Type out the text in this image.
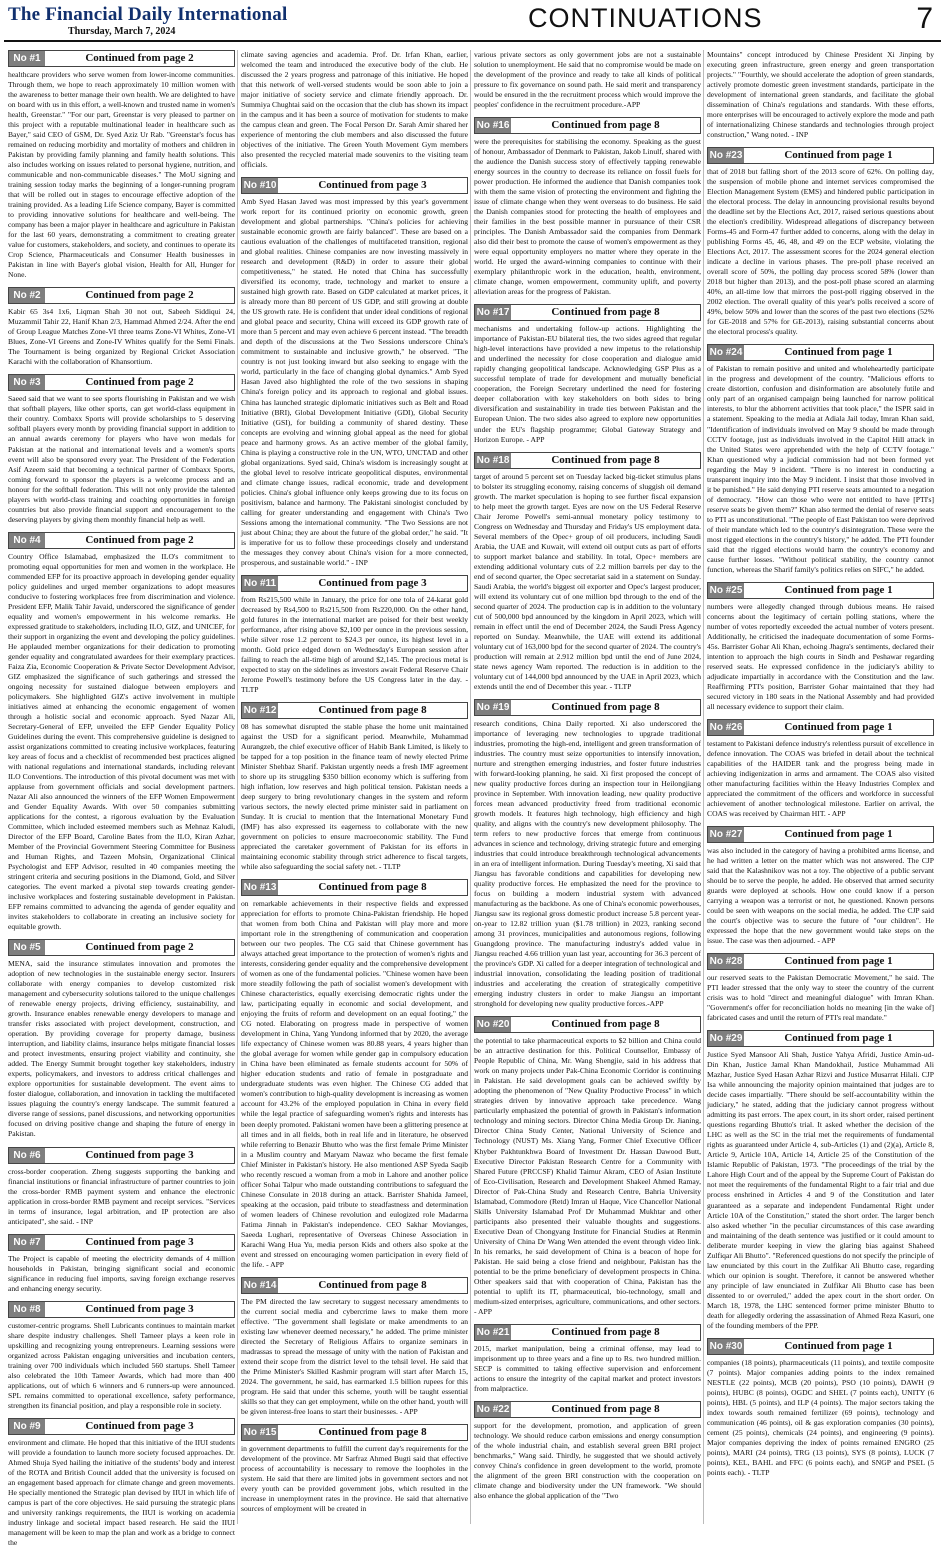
The Financial Daily International
Thursday, March 7, 2024	CONTINUATIONS	7
No #1	Continued from page 2

healthcare providers who serve women from lower-income communities. Through them, we hope to reach approximately 10 million women with the awareness to better manage their own health. We are delighted to have on board with us in this effort, a well-known and trusted name in women's health, Greenstar." "For our part, Greenstar is very pleased to partner on this project with a reputable multinational leader in healthcare such as Bayer," said CEO of GSM, Dr. Syed Aziz Ur Rab. "Greenstar's focus has remained on reducing morbidity and mortality of mothers and children in Pakistan by providing family planning and family health solutions. This also includes working on issues related to personal hygiene, nutrition, and communicable and non-communicable diseases." The MoU signing and training session today marks the beginning of a longer-running program that will be rolled out in stages to encourage effective adoption of the training provided. As a leading Life Science company, Bayer is committed to providing innovative solutions for healthcare and well-being. The company has been a major player in healthcare and agriculture in Pakistan for the last 60 years, demonstrating a commitment to creating greater value for customers, stakeholders, and society, and continues to operate its Crop Science, Pharmaceuticals and Consumer Health businesses in Pakistan in line with Bayer's global vision, Health for All, Hunger for None.

No #2	Continued from page 2

Kabir 65 3s4 1x6, Liqman Shah 30 not out, Sabeeh Siddiqui 24, Muzammil Tahir 22, Hanif Khan 2/3, Hammad Ahmed 2/24. After the end of Group League Matches Zone-VI three teams Zone-VI Whites, Zone-VI Blues, Zone-VI Greens and Zone-IV Whites qualify for the Semi Finals. The Tournament is being organized by Regional Cricket Association Karachi with the collaboration of Khansortium.

No #3	Continued from page 2

Saeed said that we want to see sports flourishing in Pakistan and we wish that softball players, like other sports, can get world-class equipment in their country. Combaxx Sports will provide scholarships to 5 deserving softball players every month by providing financial support in addition to an annual awards ceremony for players who have won medals for Pakistan at the national and international levels and a women's sports event will also be sponsored every year. The President of the Federation Asif Azeem said that becoming a technical partner of Combaxx Sports, coming forward to sponsor the players is a welcome process and an honour for the softball federation. This will not only provide the talented players with world-class training and coaching opportunities in foreign countries but also provide financial support and encouragement to the deserving players by giving them monthly financial help as well.

No #4	Continued from page 2

Country Office Islamabad, emphasized the ILO's commitment to promoting equal opportunities for men and women in the workplace. He commended EFP for its proactive approach in developing gender equality policy guidelines and urged member organizations to adopt measures conducive to fostering workplaces free from discrimination and violence. President EFP, Malik Tahir Javaid, underscored the significance of gender equality and women's empowerment in his welcome remarks. He expressed gratitude to stakeholders, including ILO, GIZ, and UNICEF, for their support in organizing the event and developing the policy guidelines. He applauded member organizations for their dedication to promoting gender equality and congratulated awardees for their exemplary practices. Faiza Zia, Economic Cooperation & Private Sector Development Advisor, GIZ emphasized the significance of such gatherings and stressed the ongoing necessity for sustained dialogue between employers and policymakers. She highlighted GIZ's active involvement in multiple initiatives aimed at enhancing the economic engagement of women through a holistic social and economic approach. Syed Nazar Ali, Secretary-General of EFP, unveiled the EFP Gender Equality Policy Guidelines during the event. This comprehensive guideline is designed to assist organizations committed to creating inclusive workplaces, featuring key areas of focus and a checklist of recommended best practices aligned with national regulations and international standards, including relevant ILO Conventions. The introduction of this pivotal document was met with applause from government officials and social development partners. Nazar Ali also announced the winners of the EFP Women Empowerment and Gender Equality Awards. With over 50 companies submitting applications for the contest, a rigorous evaluation by the Evaluation Committee, which included esteemed members such as Mehnaz Kaludi, Director of the EFP Board, Caroline Bates from the ILO, Kiran Azhar, Member of the Provincial Government Steering Committee for Business and Human Rights, and Tazeen Mohsin, Organizational Clinical Psychologist and EFP Advisor, resulted in 40 companies meeting the stringent criteria and securing positions in the Diamond, Gold, and Silver categories. The event marked a pivotal step towards creating gender-inclusive workplaces and fostering sustainable development in Pakistan. EFP remains committed to advancing the agenda of gender equality and invites stakeholders to collaborate in creating an inclusive society for equitable growth.

No #5	Continued from page 2

MENA, said the insurance stimulates innovation and promotes the adoption of new technologies in the sustainable energy sector. Insurers collaborate with energy companies to develop customized risk management and cybersecurity solutions tailored to the unique challenges of renewable energy projects, driving efficiency, sustainability, and growth. Insurance enables renewable energy developers to manage and transfer risks associated with project development, construction, and operation. By providing coverage for property damage, business interruption, and liability claims, insurance helps mitigate financial losses and protect investments, ensuring project viability and continuity, she added. The Energy Summit brought together key stakeholders, industry experts, policymakers, and investors to address critical challenges and explore opportunities for sustainable development. The event aims to foster dialogue, collaboration, and innovation in tackling the multifaceted issues plaguing the country's energy landscape. The summit featured a diverse range of sessions, panel discussions, and networking opportunities focused on driving positive change and shaping the future of energy in Pakistan.

No #6	Continued from page 3

cross-border cooperation. Zheng suggests supporting the banking and financial institutions or financial infrastructure of partner countries to join the cross-border RMB payment system and enhance the electronic application in cross-border RMB payment and receipt services. "Services in terms of insurance, legal arbitration, and IP protection are also anticipated", she said. - INP

No #7	Continued from page 3

The Project is capable of meeting the electricity demands of 4 million households in Pakistan, bringing significant social and economic significance in reducing fuel imports, saving foreign exchange reserves and enhancing energy security.

No #8	Continued from page 3

customer-centric programs. Shell Lubricants continues to maintain market share despite industry challenges. Shell Tameer plays a keen role in upskilling and recognizing young entrepreneurs. Learning sessions were organized across Pakistan engaging universities and incubation centers, training over 700 individuals which included 560 startups. Shell Tameer also celebrated the 10th Tameer Awards, which had more than 400 applications, out of which 6 winners and 6 runners-up were announced. SPL remains committed to operational excellence, safety performance, strengthen its financial position, and play a responsible role in society.

No #9	Continued from page 3

environment and climate. He hoped that this initiative of the IIUI students will provide a foundation to launch more society focused approaches. Dr. Ahmed Shuja Syed hailing the initiative of the students' body and interest of the ROTA and British Council added that the university is focused on an engagement based approach for climate change and green movements. He specially mentioned the Strategic plan devised by IIUI in which life of campus is part of the core objectives. He said pursuing the strategic plans and university rankings requirements, the IIUI is working on academia industry linkage and societal impact based research. He said the IIUI management will be keen to map the plan and work as a bridge to connect the

climate saving agencies and academia. Prof. Dr. Irfan Khan, earlier, welcomed the team and introduced the executive body of the club. He discussed the 2 years progress and patronage of this initiative. He hoped that this network of well-versed students would be soon able to join a major initiative of society service and climate friendly approach. Dr. Summiya Chughtai said on the occasion that the club has shown its impact in the campus and it has been a source of motivation for students to make the campus clean and green. The Focal Person Dr. Sarah Amir shared her experience of mentoring the club members and also discussed the future objectives of the initiative. The Green Youth Movement Gym members also presented the recycled material made souvenirs to the visiting team officials.

No #10	Continued from page 3

Amb Syed Hasan Javed was most impressed by this year's government work report for its continued priority on economic growth, green development and global partnerships. "China's policies for achieving sustainable economic growth are fairly balanced". These are based on a cautious evaluation of the challenges of multifaceted transition, regional and global realities. Chinese companies are now investing massively in research and development (R&D) in order to assure their global competitiveness," he stated. He noted that China has successfully diversified its economy, trade, technology and market to ensure a sustained high growth rate. Based on GDP calculated at market prices, it is already more than 80 percent of US GDP, and still growing at double the US growth rate. He is confident that under ideal conditions of regional and global peace and security, China will exceed its GDP growth rate of more than 5 percent and may even achieve 6 percent instead. "The breadth and depth of the discussions at the Two Sessions underscore China's commitment to sustainable and inclusive growth," he observed. "The country is not just looking inward but also seeking to engage with the world, particularly in the face of changing global dynamics." Amb Syed Hasan Javed also highlighted the role of the two sessions in shaping China's foreign policy and its approach to regional and global issues. China has launched strategic diplomatic initiatives such as Belt and Road Initiative (BRI), Global Development Initiative (GDI), Global Security Initiative (GSI), for building a community of shared destiny. These concepts are evolving and winning global appeal as the need for global peace and harmony grows. As an active member of the global family, China is playing a constructive role in the UN, WTO, UNCTAD and other global organizations. Syed said, China's wisdom is increasingly sought at the global level to resolve intricate geopolitical disputes, environmental and climate change issues, radical economic, trade and development policies. China's global influence only keeps growing due to its focus on positivism, balance and harmony. The Pakistani sinologist concluded by calling for greater understanding and engagement with China's Two Sessions among the international community. "The Two Sessions are not just about China; they are about the future of the global order," he said. "It is imperative for us to follow these proceedings closely and understand the messages they convey about China's vision for a more connected, prosperous, and sustainable world." - INP

No #11	Continued from page 3

from Rs215,500 while in January, the price for one tola of 24-karat gold decreased by Rs4,500 to Rs215,500 from Rs220,000. On the other hand, gold futures in the international market are poised for their best weekly performance, after rising above $2,100 per ounce in the previous session, while silver rose 1.2 percent to $24.3 per ounce, its highest level in a month. Gold price edged down on Wednesday's European session after failing to reach the all-time high of around $2,145. The precious metal is expected to stay on the sidelines as investors await Federal Reserve Chair Jerome Powell's testimony before the US Congress later in the day. - TLTP

No #12	Continued from page 8

08 has somewhat disrupted the stable phase the home unit maintained against the USD for a significant period. Meanwhile, Muhammad Aurangzeb, the chief executive officer of Habib Bank Limited, is likely to be tapped for a top position in the finance team of newly elected Prime Minister Shehbaz Sharif. Pakistan urgently needs a fresh IMF agreement to shore up its struggling $350 billion economy which is suffering from high inflation, low reserves and high political tension. Pakistan needs a deep surgery to bring revolutionary changes in the system and reform various sectors, the newly elected prime minister said in parliament on Sunday. It is crucial to mention that the International Monetary Fund (IMF) has also expressed its eagerness to collaborate with the new government on policies to ensure macroeconomic stability. The Fund appreciated the caretaker government of Pakistan for its efforts in maintaining economic stability through strict adherence to fiscal targets, while also safeguarding the social safety net. - TLTP

No #13	Continued from page 8

on remarkable achievements in their respective fields and expressed appreciation for efforts to promote China-Pakistan friendship. He hoped that women from both China and Pakistan will play more and more important role in the strengthening of communication and cooperation between our two peoples. The CG said that Chinese government has always attached great importance to the protection of women's rights and interests, considering gender equality and the comprehensive development of women as one of the fundamental policies. "Chinese women have been more steadily following the path of socialist women's development with Chinese characteristics, equally exercising democratic rights under the law, participating equally in economic and social development, and enjoying the fruits of reform and development on an equal footing," the CG noted. Elaborating on progress made in perspective of women development in China, Yang Yundong informed that by 2020, the average life expectancy of Chinese women was 80.88 years, 4 years higher than the global average for women while gender gap in compulsory education in China have been eliminated as female students account for 50% of higher education students and ratio of female in postgraduate and undergraduate students was even higher. The Chinese CG added that women's contribution to high-quality development is increasing as women account for 43.2% of the employed population in China in every field while the legal practice of safeguarding women's rights and interests has been deeply promoted. Pakistani women have been a glittering presence at all times and in all fields, both in real life and in literature, he observed while referring to Benazir Bhutto who was the first female Prime Minister in a Muslim country and Maryam Nawaz who became the first female Chief Minister in Pakistan's history. He also mentioned ASP Syeda Saqib who recently rescued a woman from a mob in Lahore and another police officer Sohai Talpur who made outstanding contributions to safeguard the Chinese Consulate in 2018 during an attack. Barrister Shahida Jameel, speaking at the occasion, paid tribute to steadfastness and determination of women leaders of Chinese revolution and eulogized role Madarrna Fatima Jinnah in Pakistan's independence. CEO Sakhar Movianges, Saeeda Lughari, representative of Overseas Chinese Association in Karachi Wang Hua Yu, media person Kids and others also spoke at the event and stressed on encouraging women participation in every field of the life. - APP

No #14	Continued from page 8

The PM directed the law secretary to suggest necessary amendments to the current social media and cybercrime laws to make them more effective. "The government shall legislate or make amendments to an existing law whenever deemed necessary," he added. The prime minister directed the Secretary of Religious Affairs to organize seminars in madrassas to spread the message of unity with the nation of Pakistan and extend their scope from the district level to the tehsil level. He said that the Prime Minister's Skilled Kashmir program will start after March 15, 2024. The government, he said, has earmarked 1.5 billion rupees for this program. He said that under this scheme, youth will be taught essential skills so that they can get employment, while on the other hand, youth will be given interest-free loans to start their businesses. - APP

No #15	Continued from page 8

in government departments to fulfill the current day's requirements for the development of the province. Mr Sarfraz Ahmed Bugti said that effective process of accountability is necessary to remove the loopholes in the system. He said that there are limited jobs in government sectors and not every youth can be provided government jobs, which resulted in the increase in unemployment rates in the province. He said that alternative sources of employment will be created in

various private sectors as only government jobs are not a sustainable solution to unemployment. He said that no compromise would be made on the development of the province and ready to take all kinds of political pressure to fix governance on sound path. He said merit and transparency would be ensured in the the recruitment process which would improve the peoples' confidence in the recruitment procedure.-APP

No #16	Continued from page 8

were the prerequisites for stabilising the economy. Speaking as the guest of honour, Ambassador of Denmark to Pakistan, Jakob Linulf, shared with the audience the Danish success story of effectively tapping renewable energy sources in the country to decrease its reliance on fossil fuels for power production. He informed the audience that Danish companies took with them the same vision of protecting the environment and fighting the issue of climate change when they went overseas to do business. He said the Danish companies stood for protecting the health of employees and their families in the best possible manner in pursuance of their CSR principles. The Danish Ambassador said the companies from Denmark also did their best to promote the cause of women's empowerment as they were equal opportunity employers no matter where they operate in the world. He urged the award-winning companies to continue with their exemplary philanthropic work in the education, health, environment, climate change, women empowerment, community uplift, and poverty alleviation areas for the progress of Pakistan.

No #17	Continued from page 8

mechanisms and undertaking follow-up actions. Highlighting the importance of Pakistan-EU bilateral ties, the two sides agreed that regular high-level interactions have provided a new impetus to the relationship and underlined the necessity for close cooperation and dialogue amid rapidly changing geopolitical landscape. Acknowledging GSP Plus as a successful template of trade for development and mutually beneficial cooperation, the Foreign Secretary underlined the need for fostering deeper collaboration with key stakeholders on both sides to bring diversification and sustainability in trade ties between Pakistan and the European Union. The two sides also agreed to explore new opportunities under the EU's flagship programme; Global Gateway Strategy and Horizon Europe. - APP

No #18	Continued from page 8

target of around 5 percent set on Tuesday lacked big-ticket stimulus plans to bolster its struggling economy, raising concerns of sluggish oil demand growth. The market speculation is hoping to see further fiscal expansion to help meet the growth target. Eyes are now on the US Federal Reserve Chair Jerome Powell's semi-annual monetary policy testimony to Congress on Wednesday and Thursday and Friday's US employment data. Several members of the Opec+ group of oil producers, including Saudi Arabia, the UAE and Kuwait, will extend oil output cuts as part of efforts to support market balance and stability. In total, Opec+ members are extending additional voluntary cuts of 2.2 million barrels per day to the end of second quarter, the Opec secretariat said in a statement on Sunday. Saudi Arabia, the world's biggest oil exporter and Opec's largest producer, will extend its voluntary cut of one million bpd through to the end of the second quarter of 2024. The production cap is in addition to the voluntary cut of 500,000 bpd announced by the kingdom in April 2023, which will remain in effect until the end of December 2024, the Saudi Press Agency reported on Sunday. Meanwhile, the UAE will extend its additional voluntary cut of 163,000 bpd for the second quarter of 2024. The country's production will remain at 2.912 million bpd until the end of June 2024, state news agency Wam reported. The reduction is in addition to the voluntary cut of 144,000 bpd announced by the UAE in April 2023, which extends until the end of December this year. - TLTP

No #19	Continued from page 8

research conditions, China Daily reported. Xi also underscored the importance of leveraging new technologies to upgrade traditional industries, promoting the high-end, intelligent and green transformation of industries. The country must seize opportunities to intensify innovation, nurture and strengthen emerging industries, and foster future industries with forward-looking planning, he said. Xi first proposed the concept of new quality productive forces during an inspection tour in Heilongjiang province in September. With innovation leading, new quality productive forces mean advanced productivity freed from traditional economic growth models. It features high technology, high efficiency and high quality, and aligns with the country's new development philosophy. The term refers to new productive forces that emerge from continuous advances in science and technology, driving strategic future and emerging industries that could introduce breakthrough technological advancements in an era of intelligent information. During Tuesday's meeting, Xi said that Jiangsu has favorable conditions and capabilities for developing new quality productive forces. He emphasized the need for the province to focus on building a modern industrial system with advanced manufacturing as the backbone. As one of China's economic powerhouses, Jiangsu saw its regional gross domestic product increase 5.8 percent year-on-year to 12.82 trillion yuan ($1.78 trillion) in 2023, ranking second among 31 provinces, municipalities and autonomous regions, following Guangdong province. The manufacturing industry's added value in Jiangsu reached 4.66 trillion yuan last year, accounting for 36.3 percent of the province's GDP. Xi called for a deeper integration of technological and industrial innovation, consolidating the leading position of traditional industries and accelerating the creation of strategically competitive emerging industry clusters in order to make Jiangsu an important stronghold for developing new quality productive forces.-APP

No #20	Continued from page 8

the potential to take pharmaceutical exports to $2 billion and China could be an attractive destination for this. Political Counsellor, Embassy of People Republic of China, Mr. Wang Shengjie, said in his address that work on many projects under Pak-China Economic Corridor is continuing in Pakistan. He said development goals can be achieved swiftly by adopting the phenomenon of "New Quality Productive Process" in which strategies driven by innovative approach take precedence. Wang particularly emphasized the potential of growth in Pakistan's information technology and mining sectors. Director China Media Group Dr. Jianing, Director China Study Center, National University of Science and Technology (NUST) Ms. Xiang Yang, Former Chief Executive Officer Khyber Pakhtunkhwa Board of Investment Dr. Hassan Dawood Butt, Executive Director Pakistan Research Centre for a Community with Shared Future (PRCCSF) Khalid Taimur Akram, CEO of Asian Institute of Eco-Civilisation, Research and Development Shakeel Ahmed Ramay, Director of Pak-China Study and Research Centre, Bahria University Islamabad, Commodore (Retd) Imran ul Haque, Vice Chancellor National Skills University Islamabad Prof Dr Muhammad Mukhtar and other participants also presented their valuable thoughts and suggestions. Executive Dean of Chongyang Institute for Financial Studies at Renmin University of China Dr Wang Wen attended the event through video link. In his remarks, he said development of China is a beacon of hope for Pakistan. He said being a close friend and neighbour, Pakistan has the potential to be the prime beneficiary of development prospects in China. Other speakers said that with cooperation of China, Pakistan has the potential to uplift its IT, pharmaceutical, bio-technology, small and medium-sized enterprises, agriculture, communications, and other sectors. - APP

No #21	Continued from page 8

2015, market manipulation, being a criminal offense, may lead to imprisonment up to three years and a fine up to Rs. two hundred million. SECP is committed to taking effective supervision and enforcement actions to ensure the integrity of the capital market and protect investors from malpractice.

No #22	Continued from page 8

support for the development, promotion, and application of green technology. We should reduce carbon emissions and energy consumption of the whole industrial chain, and establish several green BRI project benchmarks," Wang said. Thirdly, he suggested that we should actively convey China's confidence in green development to the world, promote the alignment of the green BRI construction with the cooperation on climate change and biodiversity under the UN framework. "We should also enhance the global application of the "Two

Mountains" concept introduced by Chinese President Xi Jinping by executing green infrastructure, green energy and green transportation projects." "Fourthly, we should accelerate the adoption of green standards, actively promote domestic green investment standards, participate in the development of international green standards, and facilitate the global dissemination of China's regulations and standards. With these efforts, more enterprises will be encouraged to actively explore the mode and path of internationalizing Chinese standards and technologies through project construction," Wang noted. - INP

No #23	Continued from page 1

that of 2018 but falling short of the 2013 score of 62%. On polling day, the suspension of mobile phone and internet services compromised the Election Management System (EMS) and hindered public participation in the electoral process. The delay in announcing provisional results beyond the deadline set by the Elections Act, 2017, raised serious questions about the election's credibility. Widespread allegations of discrepancy between Forms-45 and Form-47 further added to concerns, along with the delay in publishing Forms 45, 46, 48, and 49 on the ECP website, violating the Elections Act, 2017. The assessment scores for the 2024 general election indicate a decline in various phases. The pre-poll phase received an overall score of 50%, the polling day process scored 58% (lower than 2018 but higher than 2013), and the post-poll phase scored an alarming 40%, an all-time low that mirrors the post-poll rigging observed in the 2002 election. The overall quality of this year's polls received a score of 49%, below 50% and lower than the scores of the past two elections (52% for GE-2018 and 57% for GE-2013), raising substantial concerns about the electoral process's quality.

No #24	Continued from page 1

of Pakistan to remain positive and united and wholeheartedly participate in the progress and development of the country. "Malicious efforts to create distortion, confusion and disinformation are absolutely futile and only part of an organised campaign being launched for narrow political interests, to blur the abhorrent activities that took place," the ISPR said in a statement. Speaking to the media at Adiala Jail today, Imran Khan said, "Identification of individuals involved on May 9 should be made through CCTV footage, just as individuals involved in the Capitol Hill attack in the United States were apprehended with the help of CCTV footage." Khan questioned why a judicial commission had not been formed yet regarding the May 9 incident. "There is no interest in conducting a transparent inquiry into the May 9 incident. I insist that those involved in it be punished." He said denying PTI reserve seats amounted to a negation of democracy. "How can those who were not entitled to have [PTI's] reserve seats be given them?" Khan also termed the denial of reserve seats to PTI as unconstitutional. "The people of East Pakistan too were deprived of their mandate which led to the country's disintegration. These were the most rigged elections in the country's history," he added. The PTI founder said that the rigged elections would harm the country's economy and cause further losses. "Without political stability, the country cannot function, whereas the Sharif family's politics relies on SIFC," he added.

No #25	Continued from page 1

numbers were allegedly changed through dubious means. He raised concerns about the legitimacy of certain polling stations, where the number of votes reportedly exceeded the actual number of voters present. Additionally, he criticised the inadequate documentation of some Forms-45s. Barrister Gohar Ali Khan, echoing Jhagra's sentiments, declared their intention to approach the high courts in Sindh and Peshawar regarding reserved seats. He expressed confidence in the judiciary's ability to adjudicate impartially in accordance with the Constitution and the law. Reaffirming PTI's position, Barrister Gohar maintained that they had secured victory in 180 seats in the National Assembly and had provided all necessary evidence to support their claim.

No #26	Continued from page 1

testament to Pakistani defence industry's relentless pursuit of excellence in defence innovation. The COAS was briefed in detail about the technical capabilities of the HAIDER tank and the progress being made in achieving indigenization in arms and armament. The COAS also visited other manufacturing facilities within the Heavy Industries Complex and appreciated the commitment of the officers and workforce in successful achievement of another technological milestone. Earlier on arrival, the COAS was received by Chairman HIT. - APP

No #27	Continued from page 1

was also included in the category of having a prohibited arms license, and he had written a letter on the matter which was not answered. The CJP said that the Kalashnikov was not a toy. The objective of a public servant should be to serve the people, he added. He observed that armed security guards were deployed at schools. How one could know if a person carrying a weapon was a terrorist or not, he questioned. Known persons could be seen with weapons on the social media, he added. The CJP said the court's objective was to secure the future of "our children". He expressed the hope that the new government would take steps on the issue. The case was then adjourned. - APP

No #28	Continued from page 1

our reserved seats to the Pakistan Democratic Movement," he said. The PTI leader stressed that the only way to steer the country of the current crisis was to hold "direct and meaningful dialogue" with Imran Khan. "Government's offer for reconciliation holds no meaning [in the wake of] fabricated cases and until the return of PTI's real mandate."

No #29	Continued from page 1

Justice Syed Mansoor Ali Shah, Justice Yahya Afridi, Justice Amin-ud-Din Khan, Justice Jamal Khan Mandokhail, Justice Muhammad Ali Mazhar, Justice Syed Hasan Azhar Rizvi and Justice Musarrat Hilali. CJP Isa while announcing the majority opinion maintained that judges are to decide cases impartially. "There should be self-accountability within the judiciary," he stated, adding that the judiciary cannot progress without admitting its past errors. The apex court, in its short order, raised pertinent questions regarding Bhutto's trial. It asked whether the decision of the LHC as well as the SC in the trial met the requirements of fundamental rights as guaranteed under Article 4, sub-Articles (1) and (2)(a), Article 8, Article 9, Article 10A, Article 14, Article 25 of the Constitution of the Islamic Republic of Pakistan, 1973. "The proceedings of the trial by the Lahore High Court and of the appeal by the Supreme Court of Pakistan do not meet the requirements of the fundamental Right to a fair trial and due process enshrined in Articles 4 and 9 of the Constitution and later guaranteed as a separate and independent Fundamental Right under Article 10A of the Constitution," stated the short order. The larger bench also asked whether "in the peculiar circumstances of this case awarding and maintaining of the death sentence was justified or it could amount to deliberate murder keeping in view the glaring bias against Shaheed Zulfiqar Ali Bhutto". "Referenced questions do not specify the principle of law enunciated by this court in the Zulfikar Ali Bhutto case, regarding which our opinion is sought. Therefore, it cannot be answered whether any principle of law enunciated in Zulfikar Ali Bhutto case has been dissented to or overruled," added the apex court in the short order. On March 18, 1978, the LHC sentenced former prime minister Bhutto to death for allegedly ordering the assassination of Ahmed Reza Kasuri, one of the founding members of the PPP.

No #30	Continued from page 1

companies (18 points), pharmaceuticals (11 points), and textile composite (7 points). Major companies adding points to the index remained NESTLE (22 points), MCB (20 points), PSO (10 points), DAWH (9 points), HUBC (8 points), OGDC and SHEL (7 points each), UNITY (6 points), HBL (5 points), and ILP (4 points). The major sectors taking the index towards south remained fertilizer (69 points), technology and communication (46 points), oil & gas exploration companies (30 points), cement (25 points), chemicals (24 points), and engineering (9 points). Major companies depriving the index of points remained ENGRO (25 points), MARI (24 points), TRG (13 points), SYS (8 points), LUCK (7 points), KEL, BAHL and FFC (6 points each), and SNGP and PSEL (5 points each). - TLTP
